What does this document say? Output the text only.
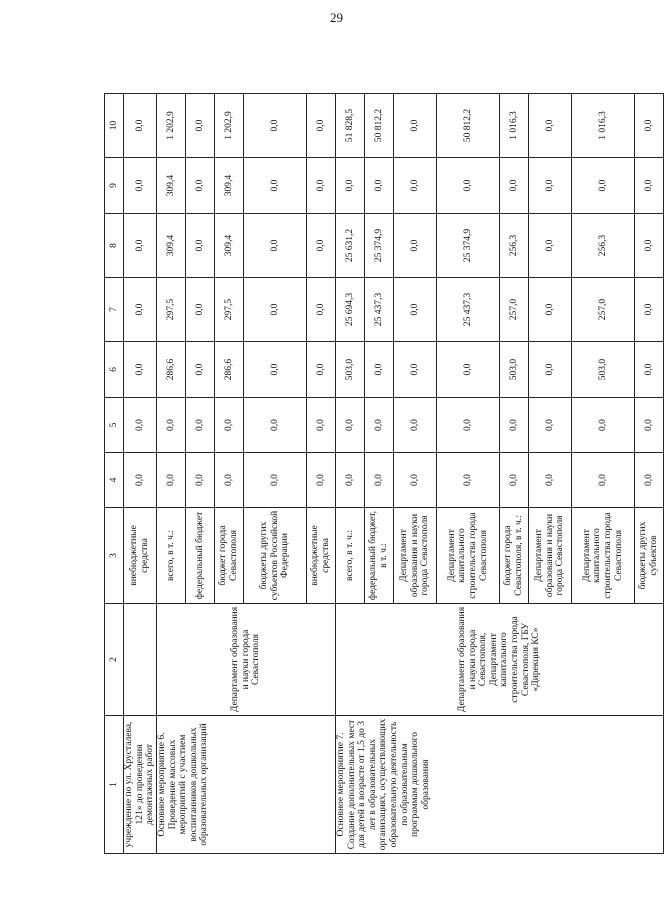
29
1	2	3	4	5	6	7	8	9	10
учреждение по ул. Хрусталева, 121» до проведения демонтажных работ		внебюджетные средства	0,0	0,0	0,0	0,0	0,0	0,0	0,0
Основное мероприятие 6. Проведение массовых мероприятий с участием воспитанников дошкольных образовательных организаций	Департамент образования и науки города Севастополя	всего, в т. ч.:	0,0	0,0	286,6	297,5	309,4	309,4	1 202,9
		федеральный бюджет	0,0	0,0	0,0	0,0	0,0	0,0	0,0
		бюджет города Севастополя	0,0	0,0	286,6	297,5	309,4	309,4	1 202,9
		бюджеты других субъектов Российской Федерации	0,0	0,0	0,0	0,0	0,0	0,0	0,0
		внебюджетные средства	0,0	0,0	0,0	0,0	0,0	0,0	0,0
Основное мероприятие 7. Создание дополнительных мест для детей в возрасте от 1,5 до 3 лет в образовательных организациях, осуществляющих образовательную деятельность по образовательным программам дошкольного образования	Департамент образования и науки города Севастополя, Департамент капитального строительства города Севастополя, ГБУ «Дирекция КС»	всего, в т. ч.:	0,0	0,0	503,0	25 694,3	25 631,2	0,0	51 828,5
		федеральный бюджет, в т. ч.:	0,0	0,0	0,0	25 437,3	25 374,9	0,0	50 812,2
		Департамент образования и науки города Севастополя	0,0	0,0	0,0	0,0	0,0	0,0	0,0
		Департамент капитального строительства города Севастополя	0,0	0,0	0,0	25 437,3	25 374,9	0,0	50 812,2
		бюджет города Севастополя, в т. ч.:	0,0	0,0	503,0	257,0	256,3	0,0	1 016,3
		Департамент образования и науки города Севастополя	0,0	0,0	0,0	0,0	0,0	0,0	0,0
		Департамент капитального строительства города Севастополя	0,0	0,0	503,0	257,0	256,3	0,0	1 016,3
		бюджеты других субъектов	0,0	0,0	0,0	0,0	0,0	0,0	0,0
